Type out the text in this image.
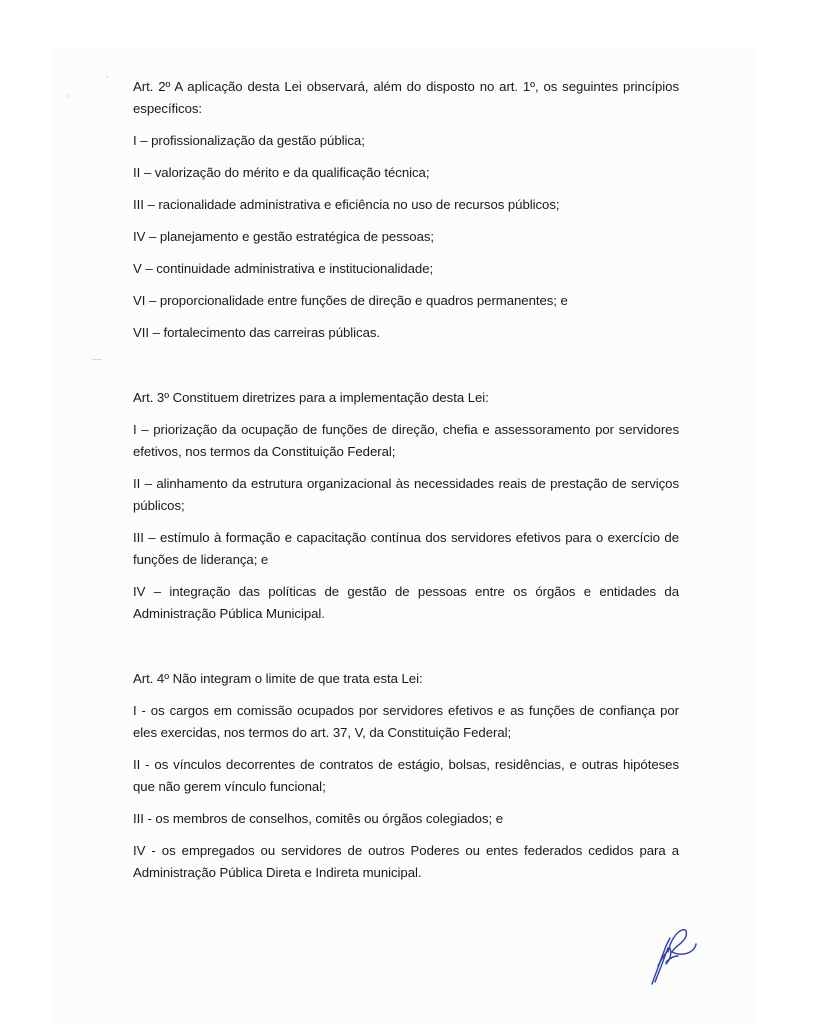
Art. 2º A aplicação desta Lei observará, além do disposto no art. 1º, os seguintes princípios específicos:

I – profissionalização da gestão pública;

II – valorização do mérito e da qualificação técnica;

III – racionalidade administrativa e eficiência no uso de recursos públicos;

IV – planejamento e gestão estratégica de pessoas;

V – continuidade administrativa e institucionalidade;

VI – proporcionalidade entre funções de direção e quadros permanentes; e

VII – fortalecimento das carreiras públicas.

Art. 3º Constituem diretrizes para a implementação desta Lei:

I – priorização da ocupação de funções de direção, chefia e assessoramento por servidores efetivos, nos termos da Constituição Federal;

II – alinhamento da estrutura organizacional às necessidades reais de prestação de serviços públicos;

III – estímulo à formação e capacitação contínua dos servidores efetivos para o exercício de funções de liderança; e

IV – integração das políticas de gestão de pessoas entre os órgãos e entidades da Administração Pública Municipal.

Art. 4º Não integram o limite de que trata esta Lei:

I - os cargos em comissão ocupados por servidores efetivos e as funções de confiança por eles exercidas, nos termos do art. 37, V, da Constituição Federal;

II - os vínculos decorrentes de contratos de estágio, bolsas, residências, e outras hipóteses que não gerem vínculo funcional;

III - os membros de conselhos, comitês ou órgãos colegiados; e

IV - os empregados ou servidores de outros Poderes ou entes federados cedidos para a Administração Pública Direta e Indireta municipal.
